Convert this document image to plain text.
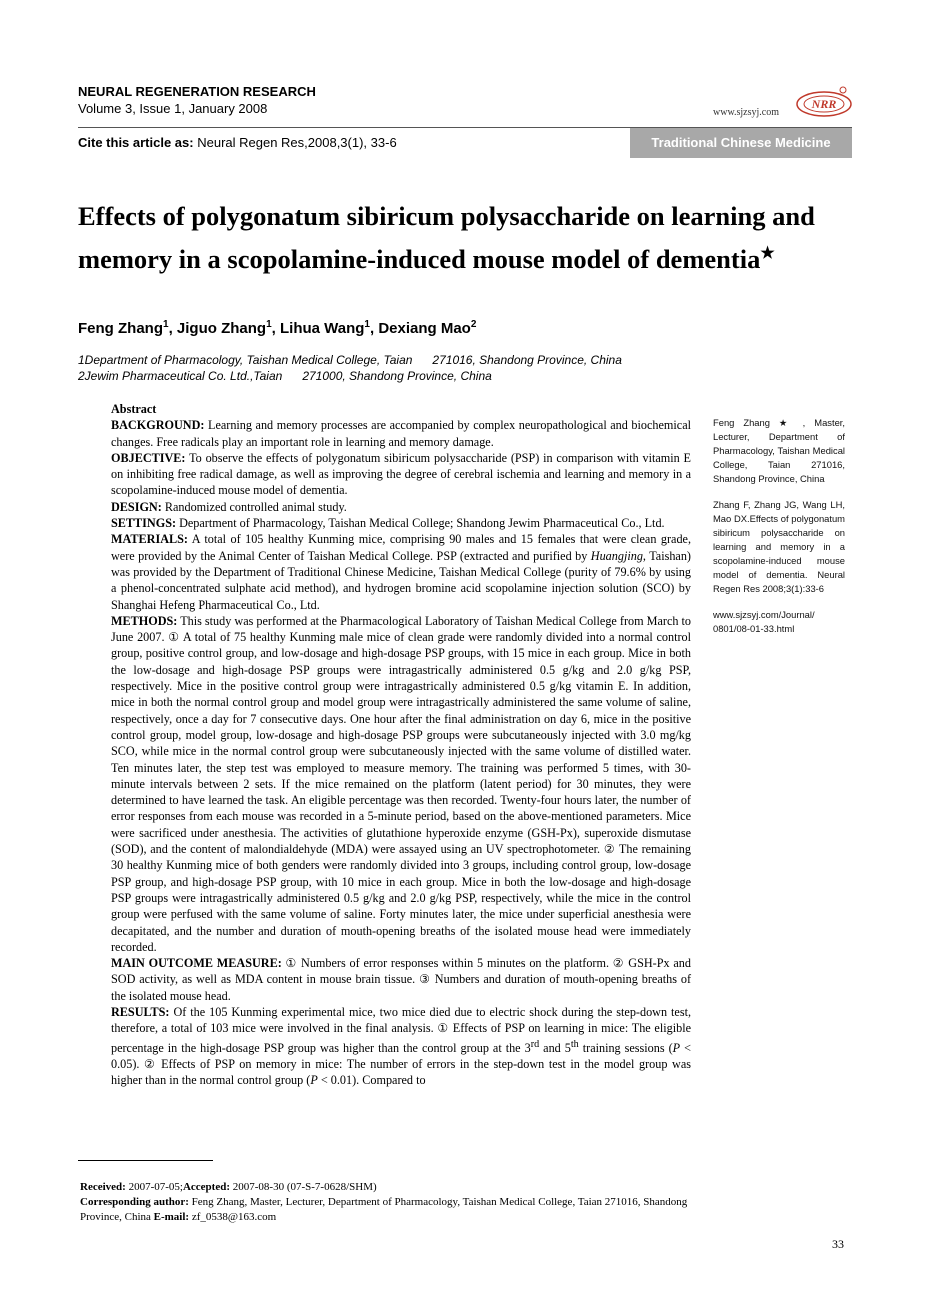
NEURAL REGENERATION RESEARCH
Volume 3, Issue 1, January 2008	www.sjzsyj.com
NRR
Cite this article as: Neural Regen Res,2008,3(1), 33-6	Traditional Chinese Medicine
Effects of polygonatum sibiricum polysaccharide on learning and memory in a scopolamine-induced mouse model of dementia★
Feng Zhang$^1$, Jiguo Zhang$^1$, Lihua Wang$^1$, Dexiang Mao$^2$
1Department of Pharmacology, Taishan Medical College, Taian      271016, Shandong Province, China
2Jewim Pharmaceutical Co. Ltd.,Taian      271000, Shandong Province, China

Abstract

BACKGROUND: Learning and memory processes are accompanied by complex neuropathological and biochemical changes. Free radicals play an important role in learning and memory damage.

OBJECTIVE: To observe the effects of polygonatum sibiricum polysaccharide (PSP) in comparison with vitamin E on inhibiting free radical damage, as well as improving the degree of cerebral ischemia and learning and memory in a scopolamine-induced mouse model of dementia.

DESIGN: Randomized controlled animal study.

SETTINGS: Department of Pharmacology, Taishan Medical College; Shandong Jewim Pharmaceutical Co., Ltd.

MATERIALS: A total of 105 healthy Kunming mice, comprising 90 males and 15 females that were clean grade, were provided by the Animal Center of Taishan Medical College. PSP (extracted and purified by Huangjing, Taishan) was provided by the Department of Traditional Chinese Medicine, Taishan Medical College (purity of 79.6% by using a phenol-concentrated sulphate acid method), and hydrogen bromine acid scopolamine injection solution (SCO) by Shanghai Hefeng Pharmaceutical Co., Ltd.

METHODS: This study was performed at the Pharmacological Laboratory of Taishan Medical College from March to June 2007. ① A total of 75 healthy Kunming male mice of clean grade were randomly divided into a normal control group, positive control group, and low-dosage and high-dosage PSP groups, with 15 mice in each group. Mice in both the low-dosage and high-dosage PSP groups were intragastrically administered 0.5 g/kg and 2.0 g/kg PSP, respectively. Mice in the positive control group were intragastrically administered 0.5 g/kg vitamin E. In addition, mice in both the normal control group and model group were intragastrically administered the same volume of saline, respectively, once a day for 7 consecutive days. One hour after the final administration on day 6, mice in the positive control group, model group, low-dosage and high-dosage PSP groups were subcutaneously injected with 3.0 mg/kg SCO, while mice in the normal control group were subcutaneously injected with the same volume of distilled water. Ten minutes later, the step test was employed to measure memory. The training was performed 5 times, with 30-minute intervals between 2 sets. If the mice remained on the platform (latent period) for 30 minutes, they were determined to have learned the task. An eligible percentage was then recorded. Twenty-four hours later, the number of error responses from each mouse was recorded in a 5-minute period, based on the above-mentioned parameters. Mice were sacrificed under anesthesia. The activities of glutathione hyperoxide enzyme (GSH-Px), superoxide dismutase (SOD), and the content of malondialdehyde (MDA) were assayed using an UV spectrophotometer. ② The remaining 30 healthy Kunming mice of both genders were randomly divided into 3 groups, including control group, low-dosage PSP group, and high-dosage PSP group, with 10 mice in each group. Mice in both the low-dosage and high-dosage PSP groups were intragastrically administered 0.5 g/kg and 2.0 g/kg PSP, respectively, while the mice in the control group were perfused with the same volume of saline. Forty minutes later, the mice under superficial anesthesia were decapitated, and the number and duration of mouth-opening breaths of the isolated mouse head were immediately recorded.

MAIN OUTCOME MEASURE: ① Numbers of error responses within 5 minutes on the platform. ② GSH-Px and SOD activity, as well as MDA content in mouse brain tissue. ③ Numbers and duration of mouth-opening breaths of the isolated mouse head.

RESULTS: Of the 105 Kunming experimental mice, two mice died due to electric shock during the step-down test, therefore, a total of 103 mice were involved in the final analysis. ① Effects of PSP on learning in mice: The eligible percentage in the high-dosage PSP group was higher than the control group at the 3rd and 5th training sessions (P < 0.05). ② Effects of PSP on memory in mice: The number of errors in the step-down test in the model group was higher than in the normal control group (P < 0.01). Compared to

Feng Zhang ★ , Master, Lecturer, Department of Pharmacology, Taishan Medical College, Taian 271016, Shandong Province, China

Zhang F, Zhang JG, Wang LH, Mao DX.Effects of polygonatum sibiricum polysaccharide on learning and memory in a scopolamine-induced mouse model of dementia. Neural Regen Res 2008;3(1):33-6

www.sjzsyj.com/Journal/ 0801/08-01-33.html

Received: 2007-07-05;Accepted: 2007-08-30 (07-S-7-0628/SHM)

Corresponding author: Feng Zhang, Master, Lecturer, Department of Pharmacology, Taishan Medical College, Taian 271016, Shandong Province, China E-mail: zf_0538@163.com

33
